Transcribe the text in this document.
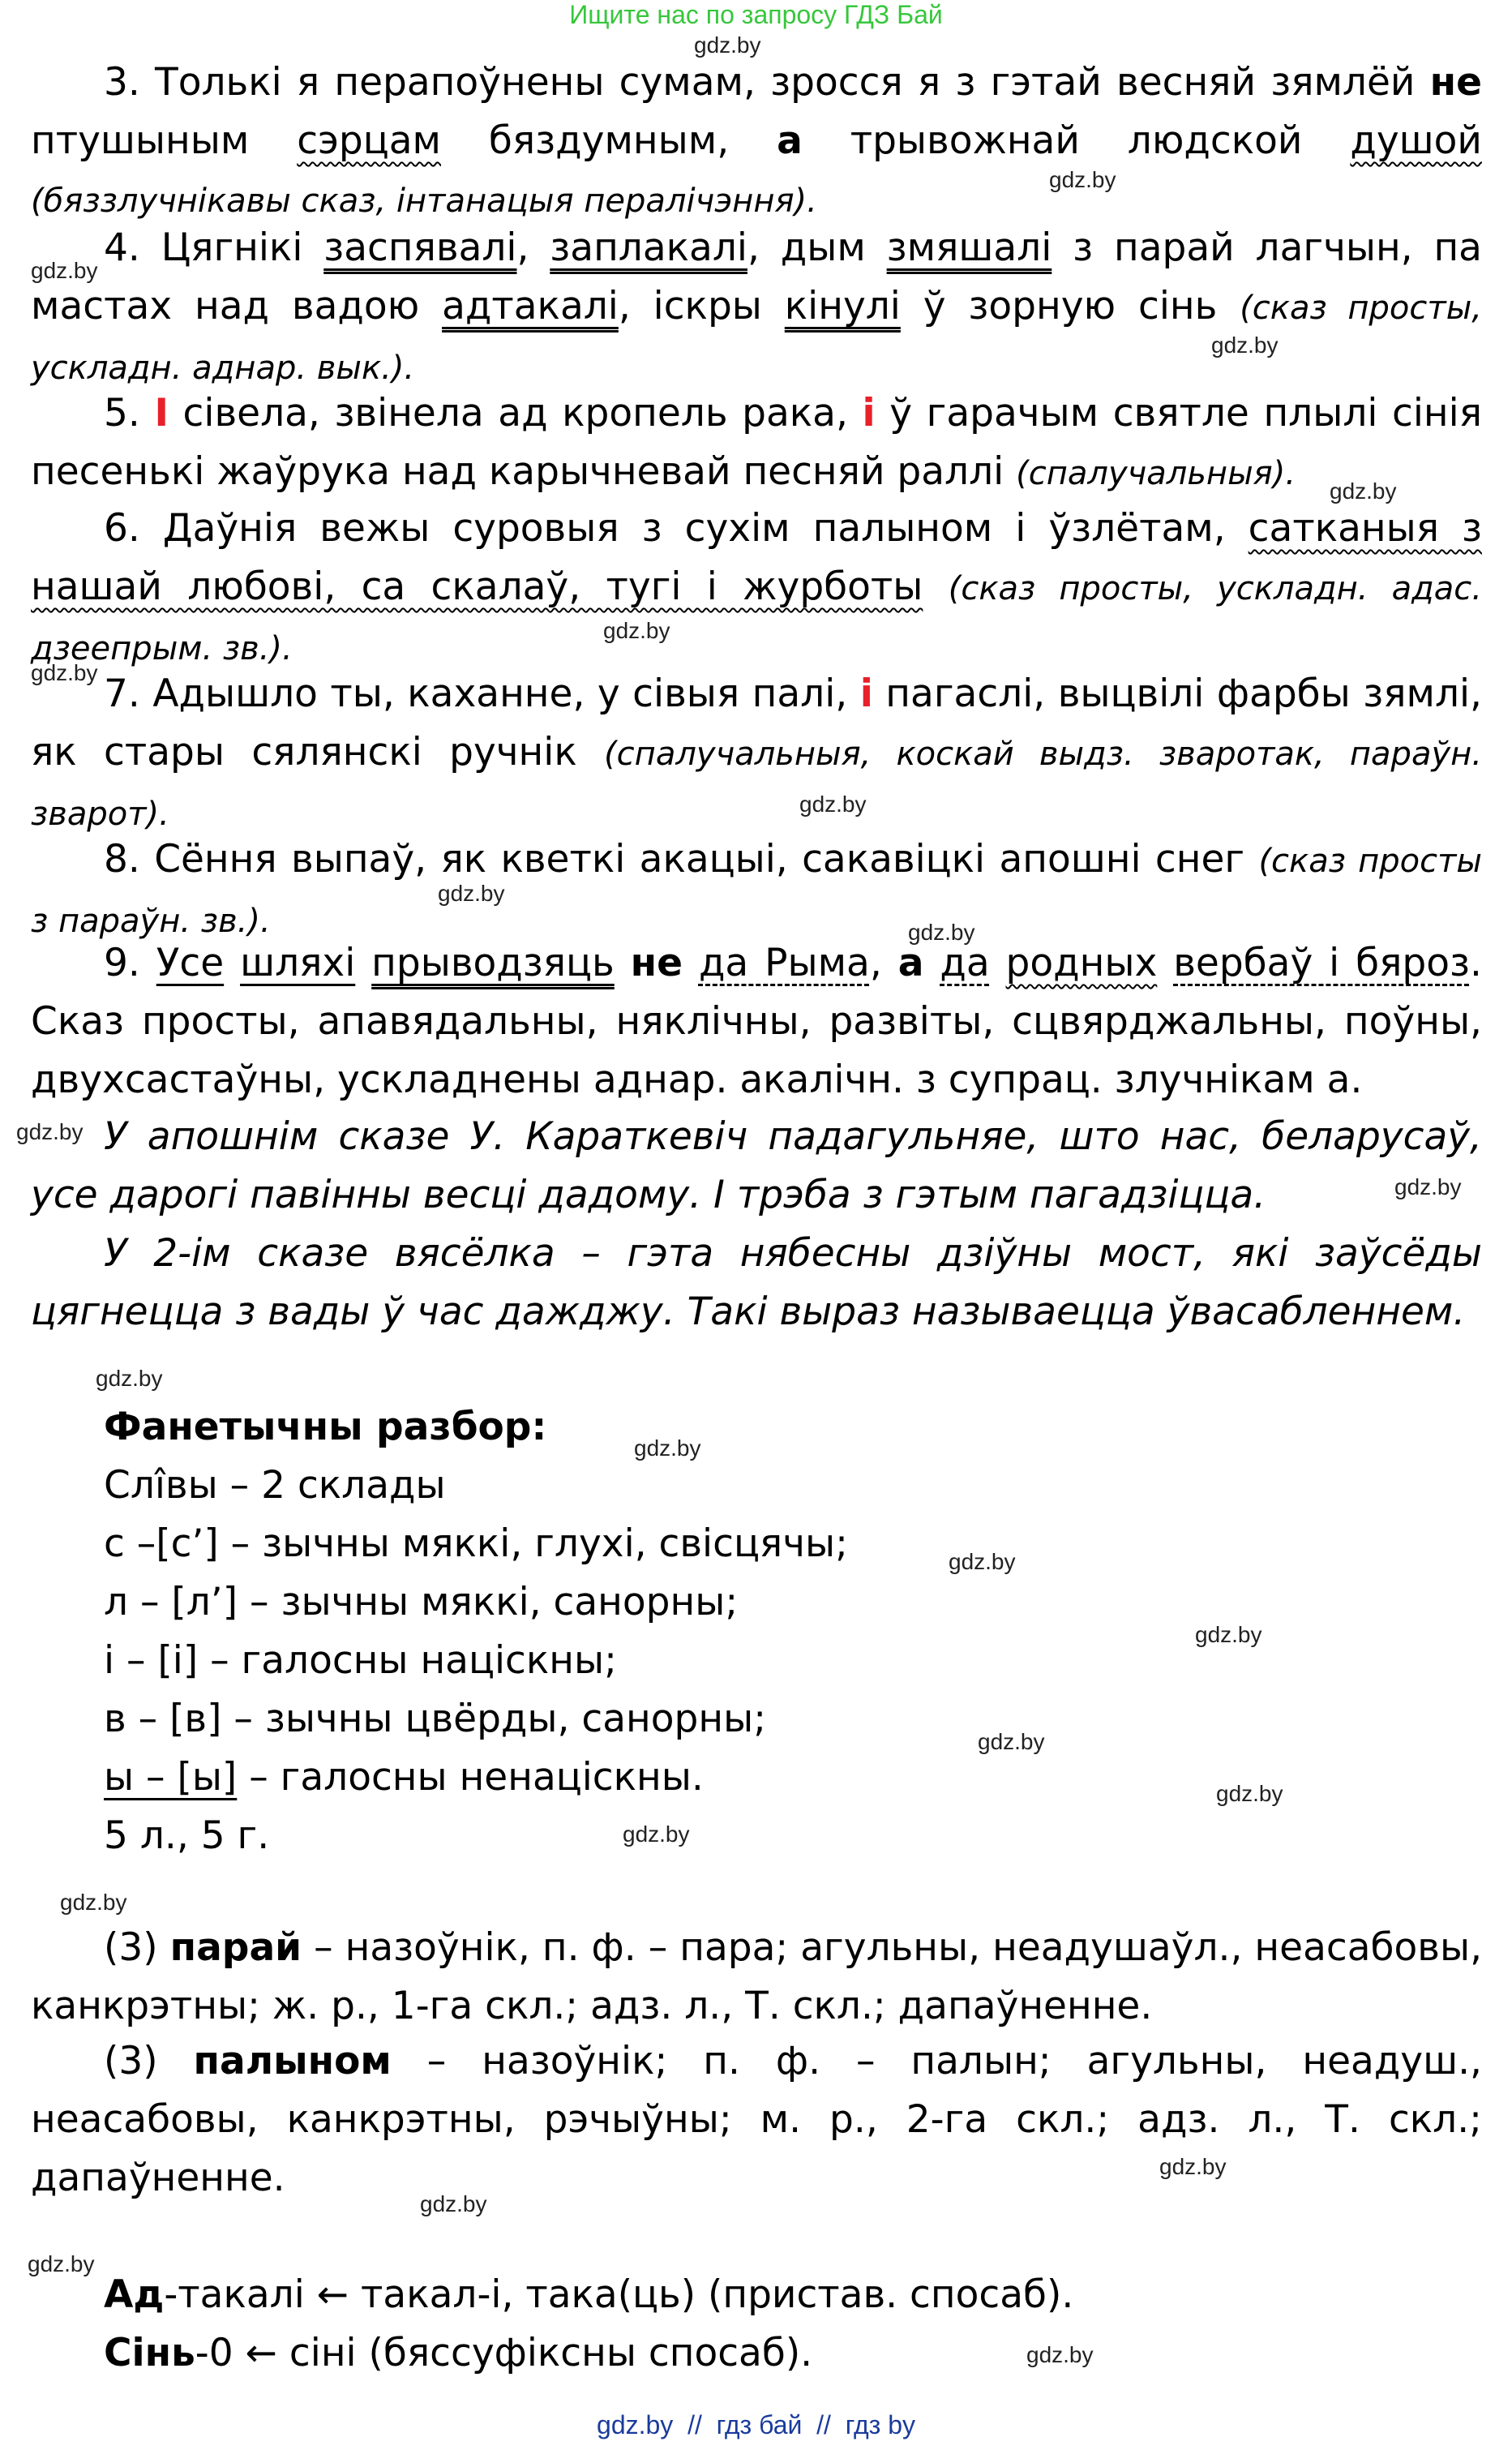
Ищите нас по запросу ГДЗ Бай
gdz.by
gdz.by
gdz.by
gdz.by
gdz.by
gdz.by
gdz.by
gdz.by
gdz.by
gdz.by
gdz.by
gdz.by
gdz.by
gdz.by
gdz.by
gdz.by
gdz.by
gdz.by
gdz.by
gdz.by
gdz.by
gdz.by
gdz.by
gdz.by
3. Толькі я перапоўнены сумам, зросся я з гэтай весняй зямлёй не птушыным сэрцам бяздумным, а трывожнай людской душой (бяззлучнікавы сказ, інтанацыя пералічэння).
4. Цягнікі заспявалі, заплакалі, дым змяшалі з парай лагчын, па мастах над вадою адтакалі, іскры кінулі ў зорную сінь (сказ просты, ускладн. аднар. вык.).
5. І сівела, звінела ад кропель рака, і ў гарачым святле плылі сінія песенькі жаўрука над карычневай песняй раллі (спалучальныя).
6. Даўнія вежы суровыя з сухім палыном і ўзлётам, сатканыя з нашай любові, са скалаў, тугі і журботы (сказ просты, ускладн. адас. дзеепрым. зв.).
7. Адышло ты, каханне, у сівыя палі, і пагаслі, выцвілі фарбы зямлі, як стары сялянскі ручнік (спалучальныя, коскай выдз. зваротак, параўн. зварот).
8. Сёння выпаў, як кветкі акацыі, сакавіцкі апошні снег (сказ просты з параўн. зв.).
9. Усе шляхі прыводзяць не да Рыма, а да родных вербаў і бяроз. Сказ просты, апавядальны, няклічны, развіты, сцвярджальны, поўны, двухсастаўны, ускладнены аднар. акалічн. з супрац. злучнікам а.
У апошнім сказе У. Караткевіч падагульняе, што нас, беларусаў, усе дарогі павінны весці дадому. І трэба з гэтым пагадзіцца.
У 2-ім сказе вясёлка – гэта нябесны дзіўны мост, які заўсёды цягнецца з вады ў час дажджу. Такі выраз называецца ўвасабленнем.
Фанетычны разбор:
Слі̂вы – 2 склады
с –[с’] – зычны мяккі, глухі, свісцячы;
л – [л’] – зычны мяккі, санорны;
і – [і] – галосны націскны;
в – [в] – зычны цвёрды, санорны;
ы – [ы] – галосны ненаціскны.
5 л., 5 г.
(3) парай – назоўнік, п. ф. – пара; агульны, неадушаўл., неасабовы, канкрэтны; ж. р., 1-га скл.; адз. л., Т. скл.; дапаўненне.
(3) палыном – назоўнік; п. ф. – палын; агульны, неадуш., неасабовы, канкрэтны, рэчыўны; м. р., 2-га скл.; адз. л., Т. скл.; дапаўненне.
Ад-такалі ← такал-і, така(ць) (пристав. спосаб).
Сінь-0 ← сіні (бяссуфіксны спосаб).
gdz.by  //  гдз бай  //  гдз by
